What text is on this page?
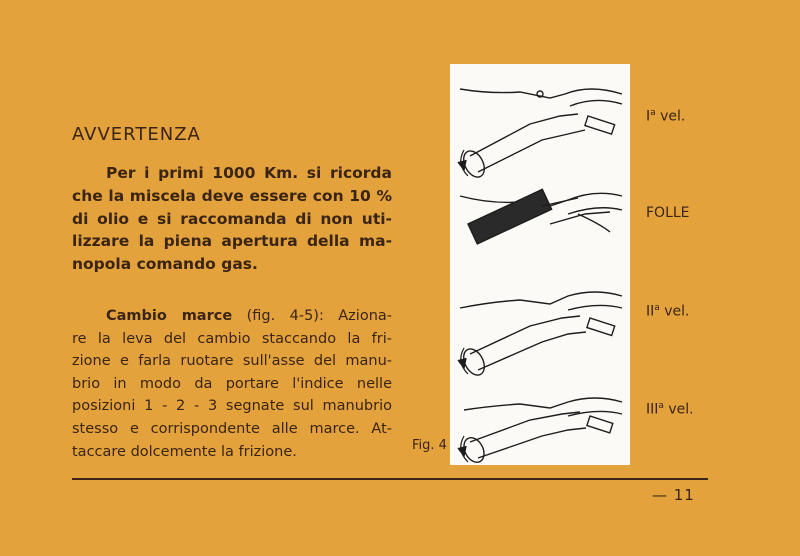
AVVERTENZA
Per i primi 1000 Km. si ricorda
che la miscela deve essere con 10 %
di olio e si raccomanda di non uti-
lizzare la piena apertura della ma-
nopola comando gas.
Cambio marce (fig. 4-5): Aziona-
re la leva del cambio staccando la fri-
zione e farla ruotare sull'asse del manu-
brio in modo da portare l'indice nelle
posizioni 1 - 2 - 3 segnate sul manubrio
stesso e corrispondente alle marce. At-
taccare dolcemente la frizione.	Fig. 4
$I^a$ vel.
FOLLE
$II^a$ vel.
III$^a$ vel.
— 11
